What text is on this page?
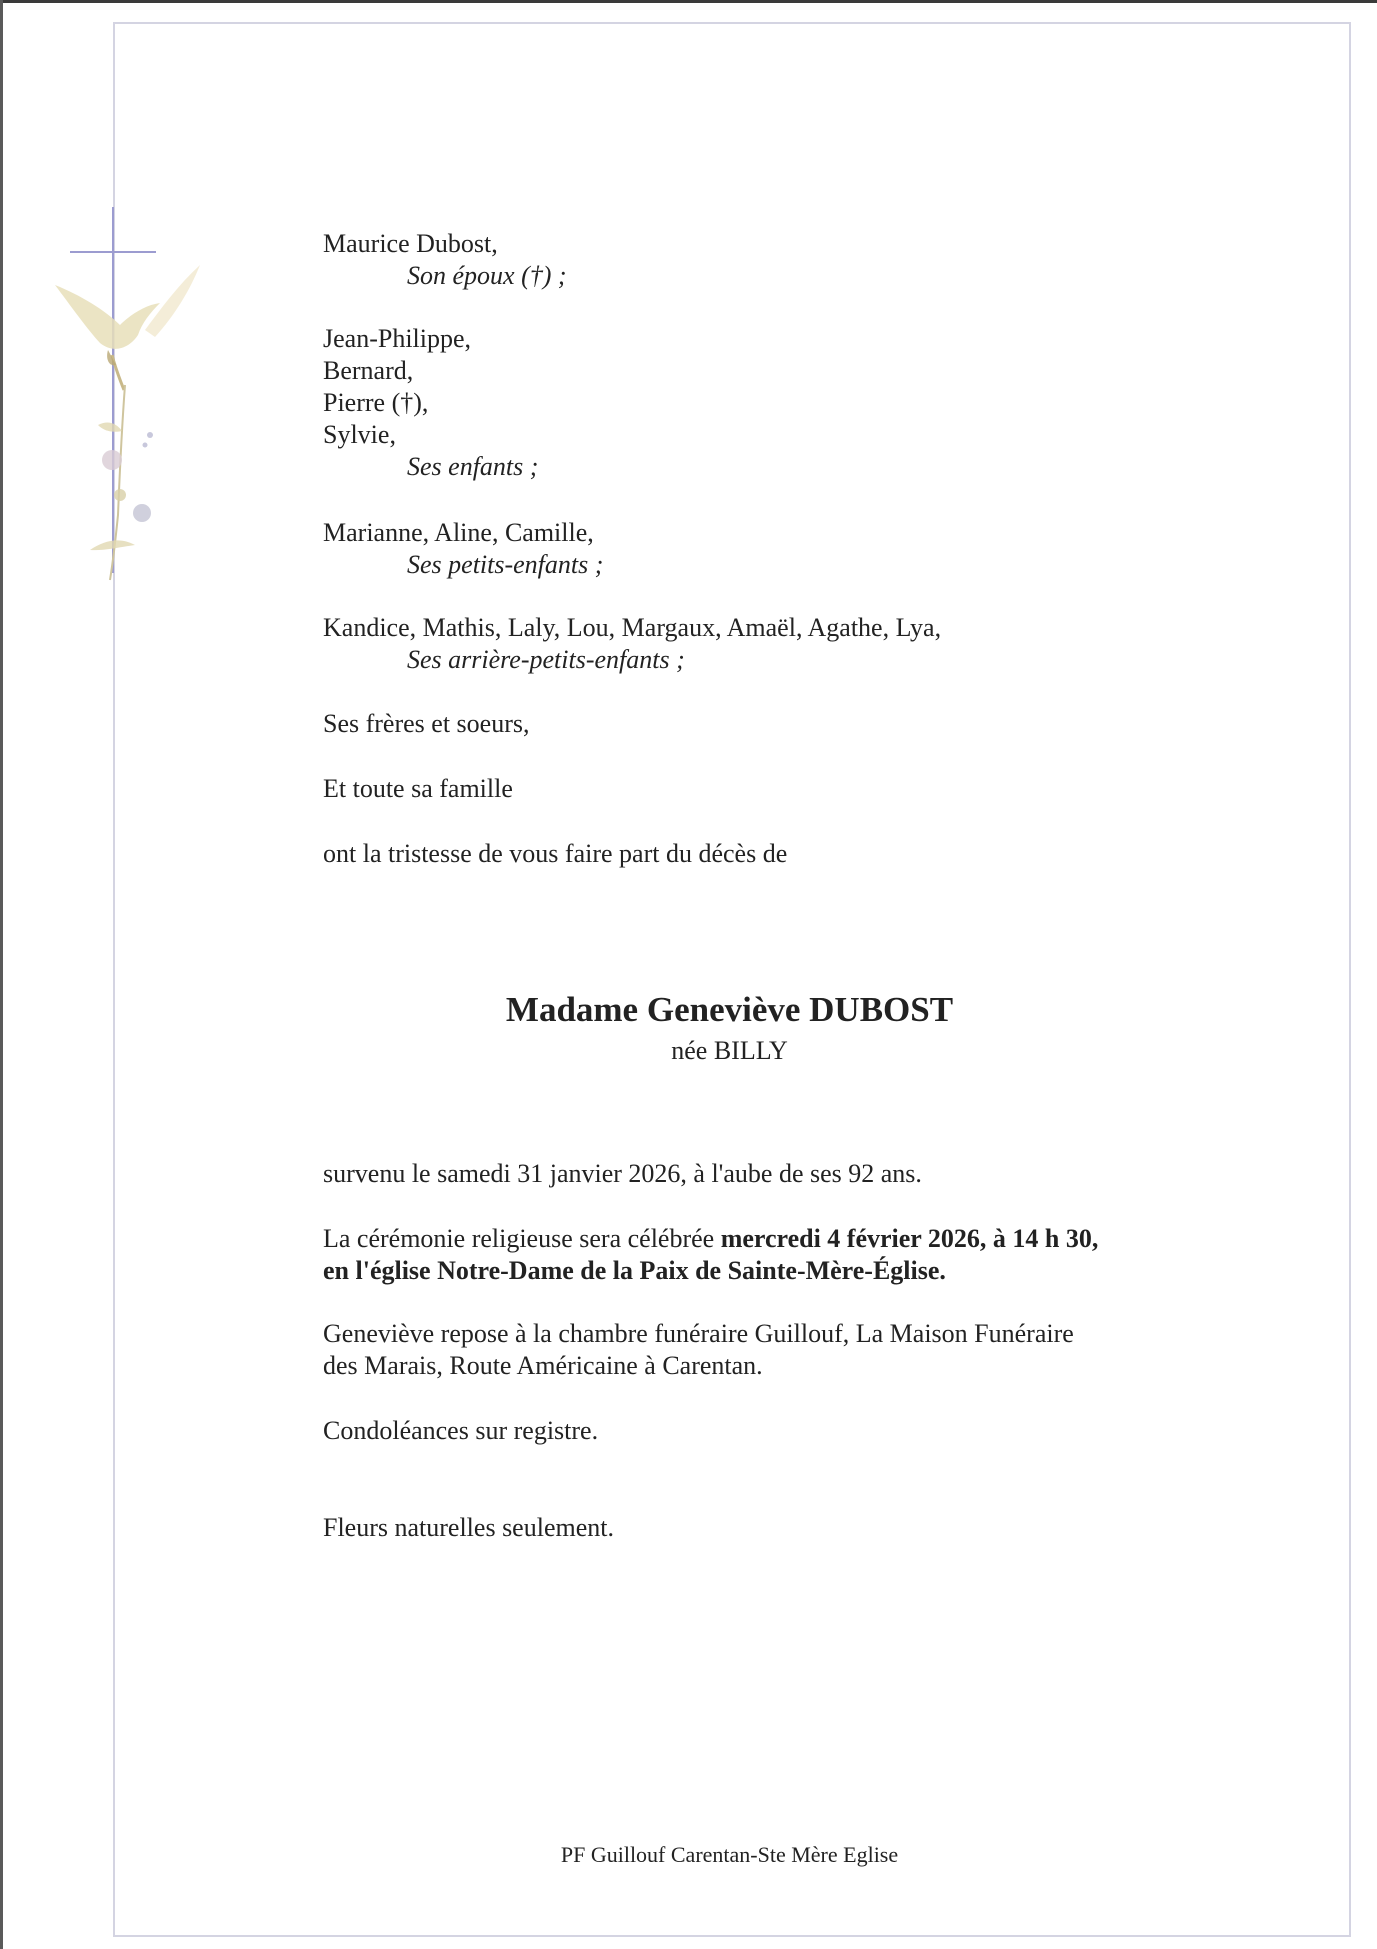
Maurice Dubost,
Son époux (†) ;

Jean-Philippe,
Bernard,
Pierre (†),
Sylvie,
Ses enfants ;

Marianne, Aline, Camille,
Ses petits-enfants ;

Kandice, Mathis, Laly, Lou, Margaux, Amaël, Agathe, Lya,
Ses arrière-petits-enfants ;

Ses frères et soeurs,

Et toute sa famille

ont la tristesse de vous faire part du décès de

Madame Geneviève DUBOST

née BILLY

survenu le samedi 31 janvier 2026, à l'aube de ses 92 ans.

La cérémonie religieuse sera célébrée mercredi 4 février 2026, à 14 h 30,
en l'église Notre-Dame de la Paix de Sainte-Mère-Église.

Geneviève repose à la chambre funéraire Guillouf, La Maison Funéraire
des Marais, Route Américaine à Carentan.

Condoléances sur registre.

Fleurs naturelles seulement.

PF Guillouf Carentan-Ste Mère Eglise
